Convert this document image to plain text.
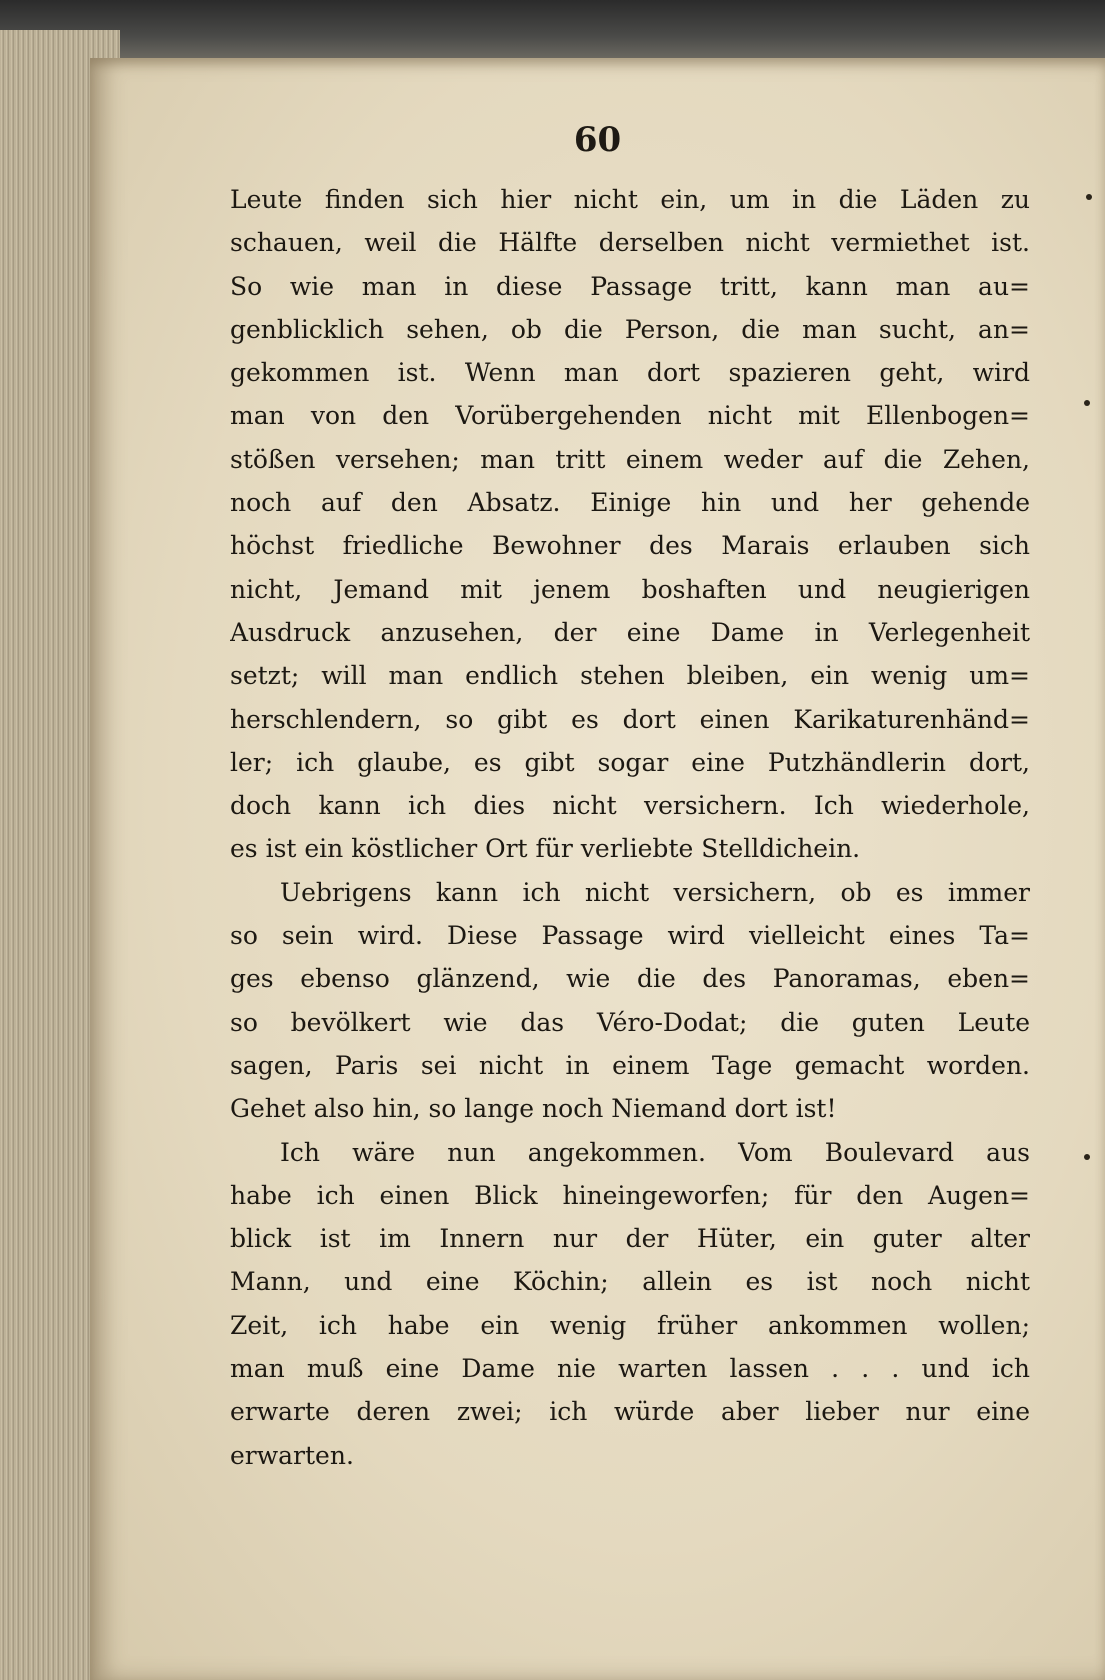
60
Leute finden sich hier nicht ein, um in die Läden zu
schauen, weil die Hälfte derselben nicht vermiethet ist.
So wie man in diese Passage tritt, kann man au=
genblicklich sehen, ob die Person, die man sucht, an=
gekommen ist. Wenn man dort spazieren geht, wird
man von den Vorübergehenden nicht mit Ellenbogen=
stößen versehen; man tritt einem weder auf die Zehen,
noch auf den Absatz. Einige hin und her gehende
höchst friedliche Bewohner des Marais erlauben sich
nicht, Jemand mit jenem boshaften und neugierigen
Ausdruck anzusehen, der eine Dame in Verlegenheit
setzt; will man endlich stehen bleiben, ein wenig um=
herschlendern, so gibt es dort einen Karikaturenhänd=
ler; ich glaube, es gibt sogar eine Putzhändlerin dort,
doch kann ich dies nicht versichern. Ich wiederhole,
es ist ein köstlicher Ort für verliebte Stelldichein.
Uebrigens kann ich nicht versichern, ob es immer
so sein wird. Diese Passage wird vielleicht eines Ta=
ges ebenso glänzend, wie die des Panoramas, eben=
so bevölkert wie das Véro-Dodat; die guten Leute
sagen, Paris sei nicht in einem Tage gemacht worden.
Gehet also hin, so lange noch Niemand dort ist!
Ich wäre nun angekommen. Vom Boulevard aus
habe ich einen Blick hineingeworfen; für den Augen=
blick ist im Innern nur der Hüter, ein guter alter
Mann, und eine Köchin; allein es ist noch nicht
Zeit, ich habe ein wenig früher ankommen wollen;
man muß eine Dame nie warten lassen . . . und ich
erwarte deren zwei; ich würde aber lieber nur eine
erwarten.
